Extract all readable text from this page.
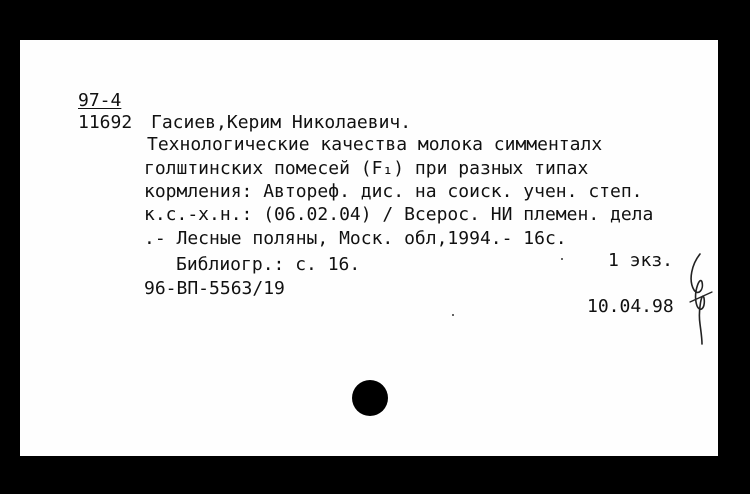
97-4

11692 Гасиев,Керим Николаевич.

Технологические качества молока симменталх

голштинских помесей (F₁) при разных типах

кормления: Автореф. дис. на соиск. учен. степ.

к.с.-х.н.: (06.02.04) / Всерос. НИ племен. дела

.- Лесные поляны, Моск. обл,1994.- 16с.

Библиогр.: с. 16.	1 экз.

96-ВП-5563/19

10.04.98
